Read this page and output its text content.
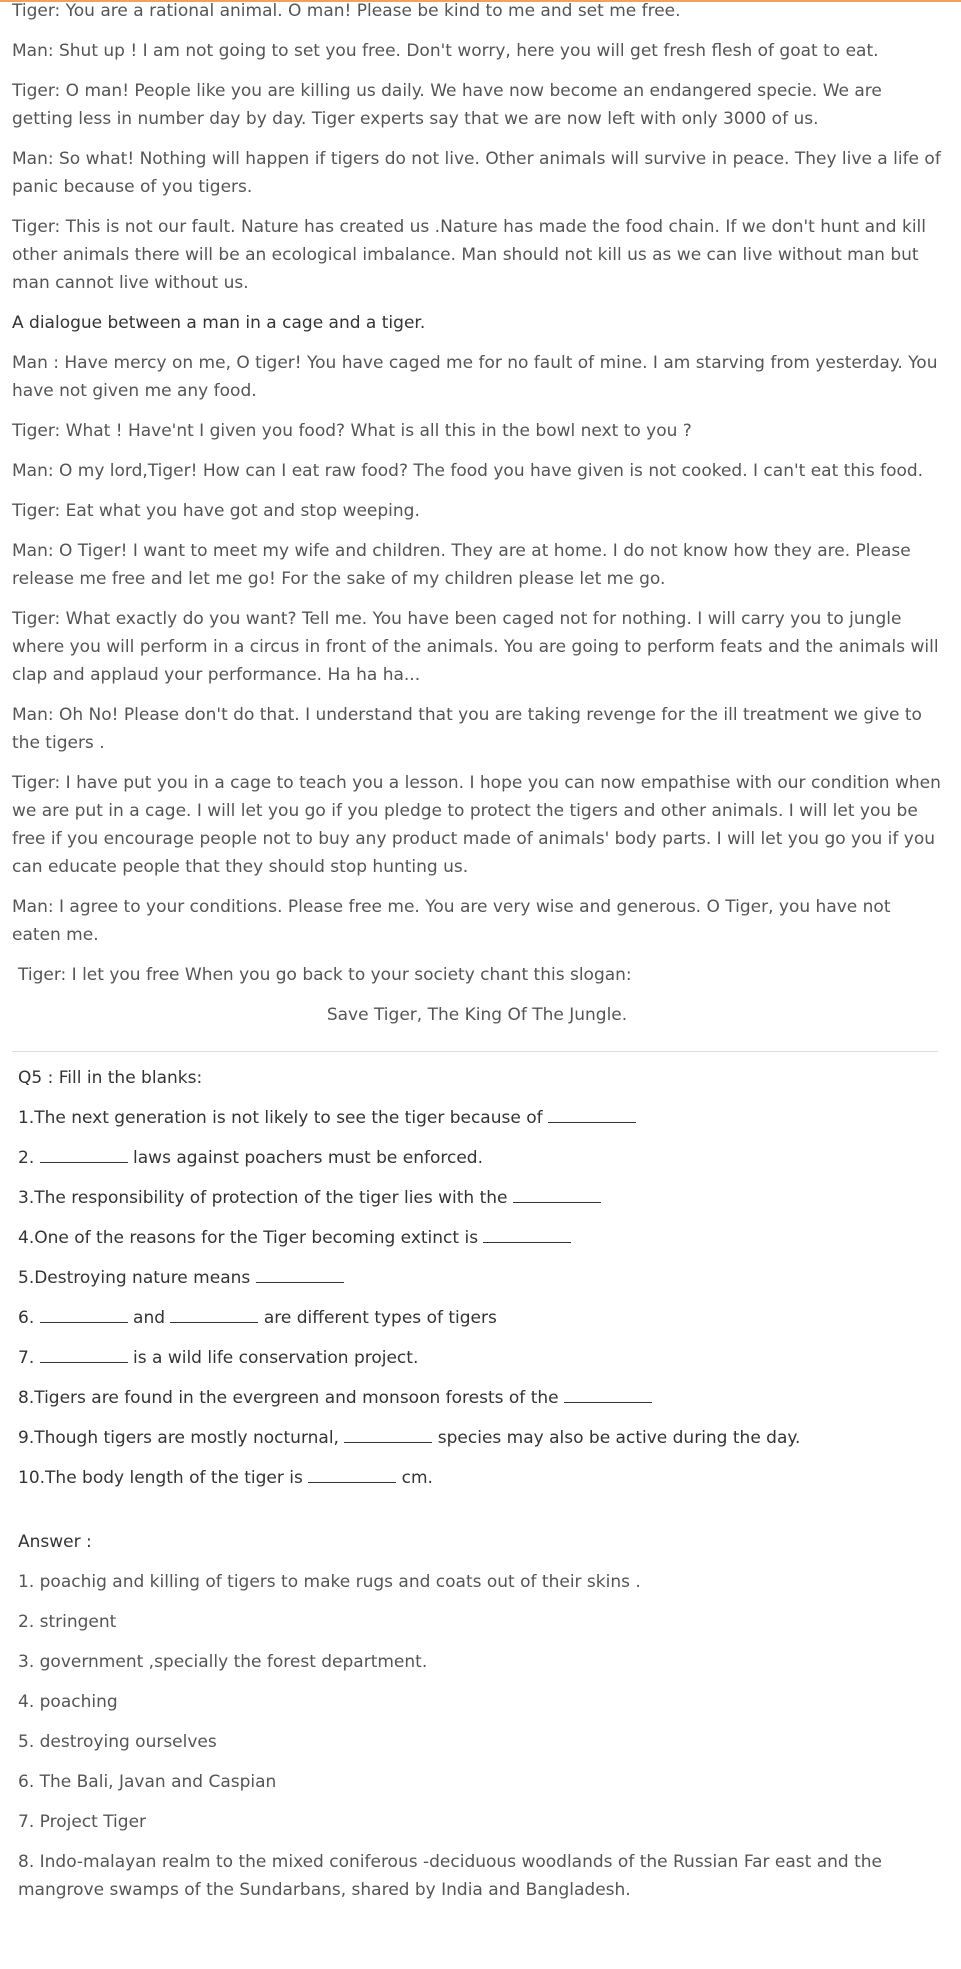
Tiger: You are a rational animal. O man! Please be kind to me and set me free.

Man: Shut up ! I am not going to set you free. Don't worry, here you will get fresh flesh of goat to eat.

Tiger: O man! People like you are killing us daily. We have now become an endangered specie. We are getting less in number day by day. Tiger experts say that we are now left with only 3000 of us.

Man: So what! Nothing will happen if tigers do not live. Other animals will survive in peace. They live a life of panic because of you tigers.

Tiger: This is not our fault. Nature has created us .Nature has made the food chain. If we don't hunt and kill other animals there will be an ecological imbalance. Man should not kill us as we can live without man but man cannot live without us.

A dialogue between a man in a cage and a tiger.

Man : Have mercy on me, O tiger! You have caged me for no fault of mine. I am starving from yesterday. You have not given me any food.

Tiger: What ! Have'nt I given you food? What is all this in the bowl next to you ?

Man: O my lord,Tiger! How can I eat raw food? The food you have given is not cooked. I can't eat this food.

Tiger: Eat what you have got and stop weeping.

Man: O Tiger! I want to meet my wife and children. They are at home. I do not know how they are. Please release me free and let me go! For the sake of my children please let me go.

Tiger: What exactly do you want? Tell me. You have been caged not for nothing. I will carry you to jungle where you will perform in a circus in front of the animals. You are going to perform feats and the animals will clap and applaud your performance. Ha ha ha...

Man: Oh No! Please don't do that. I understand that you are taking revenge for the ill treatment we give to the tigers .

Tiger: I have put you in a cage to teach you a lesson. I hope you can now empathise with our condition when we are put in a cage. I will let you go if you pledge to protect the tigers and other animals. I will let you be free if you encourage people not to buy any product made of animals' body parts. I will let you go you if you can educate people that they should stop hunting us.

Man: I agree to your conditions. Please free me. You are very wise and generous. O Tiger, you have not eaten me.

Tiger: I let you free When you go back to your society chant this slogan:

Save Tiger, The King Of The Jungle.

Q5 : Fill in the blanks:

1.The next generation is not likely to see the tiger because of

2.	laws against poachers must be enforced.

3.The responsibility of protection of the tiger lies with the

4.One of the reasons for the Tiger becoming extinct is

5.Destroying nature means

6.	and	are different types of tigers

7.	is a wild life conservation project.

8.Tigers are found in the evergreen and monsoon forests of the

9.Though tigers are mostly nocturnal,	species may also be active during the day.

10.The body length of the tiger is	cm.

Answer :

1. poachig and killing of tigers to make rugs and coats out of their skins .

2. stringent

3. government ,specially the forest department.

4. poaching

5. destroying ourselves

6. The Bali, Javan and Caspian

7. Project Tiger

8. Indo-malayan realm to the mixed coniferous -deciduous woodlands of the Russian Far east and the mangrove swamps of the Sundarbans, shared by India and Bangladesh.
